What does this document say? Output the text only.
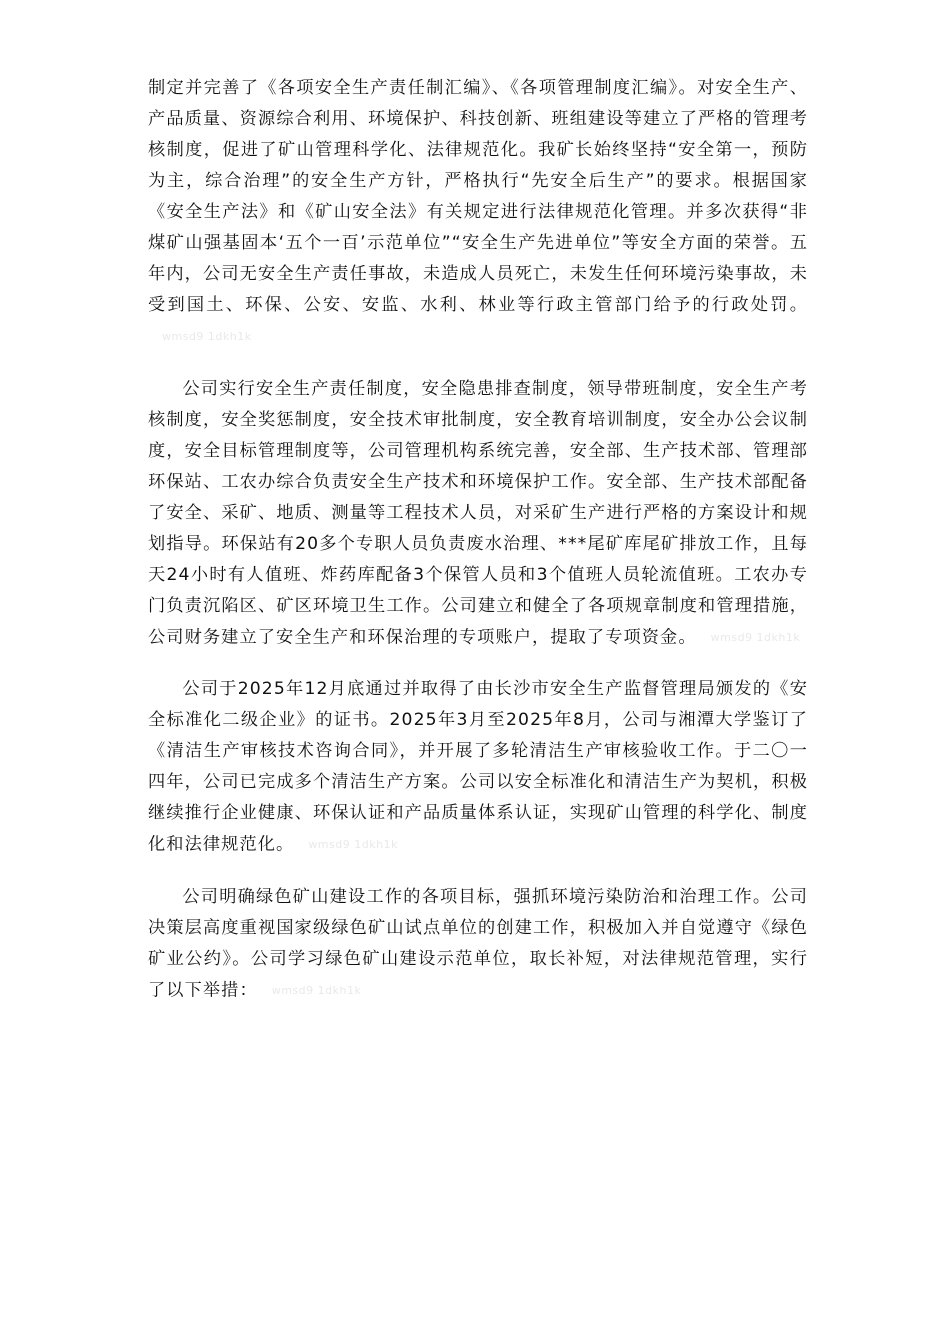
制定并完善了《各项安全生产责任制汇编》、《各项管理制度汇编》。对安全生产、产品质量、资源综合利用、环境保护、科技创新、班组建设等建立了严格的管理考核制度，促进了矿山管理科学化、法律规范化。我矿长始终坚持“安全第一，预防为主，综合治理”的安全生产方针，严格执行“先安全后生产”的要求。根据国家《安全生产法》和《矿山安全法》有关规定进行法律规范化管理。并多次获得“非煤矿山强基固本‘五个一百’示范单位”“安全生产先进单位”等安全方面的荣誉。五年内，公司无安全生产责任事故，未造成人员死亡，未发生任何环境污染事故，未受到国土、环保、公安、安监、水利、林业等行政主管部门给予的行政处罚。wmsd9 1dkh1k

公司实行安全生产责任制度，安全隐患排查制度，领导带班制度，安全生产考核制度，安全奖惩制度，安全技术审批制度，安全教育培训制度，安全办公会议制度，安全目标管理制度等，公司管理机构系统完善，安全部、生产技术部、管理部环保站、工农办综合负责安全生产技术和环境保护工作。安全部、生产技术部配备了安全、采矿、地质、测量等工程技术人员，对采矿生产进行严格的方案设计和规划指导。环保站有20多个专职人员负责废水治理、***尾矿库尾矿排放工作，且每天24小时有人值班、炸药库配备3个保管人员和3个值班人员轮流值班。工农办专门负责沉陷区、矿区环境卫生工作。公司建立和健全了各项规章制度和管理措施，公司财务建立了安全生产和环保治理的专项账户，提取了专项资金。 wmsd9 1dkh1k

公司于2025年12月底通过并取得了由长沙市安全生产监督管理局颁发的《安全标准化二级企业》的证书。2025年3月至2025年8月，公司与湘潭大学鉴订了《清洁生产审核技术咨询合同》，并开展了多轮清洁生产审核验收工作。于二〇一四年，公司已完成多个清洁生产方案。公司以安全标准化和清洁生产为契机，积极继续推行企业健康、环保认证和产品质量体系认证，实现矿山管理的科学化、制度化和法律规范化。 wmsd9 1dkh1k

公司明确绿色矿山建设工作的各项目标，强抓环境污染防治和治理工作。公司决策层高度重视国家级绿色矿山试点单位的创建工作，积极加入并自觉遵守《绿色矿业公约》。公司学习绿色矿山建设示范单位，取长补短，对法律规范管理，实行了以下举措： wmsd9 1dkh1k
